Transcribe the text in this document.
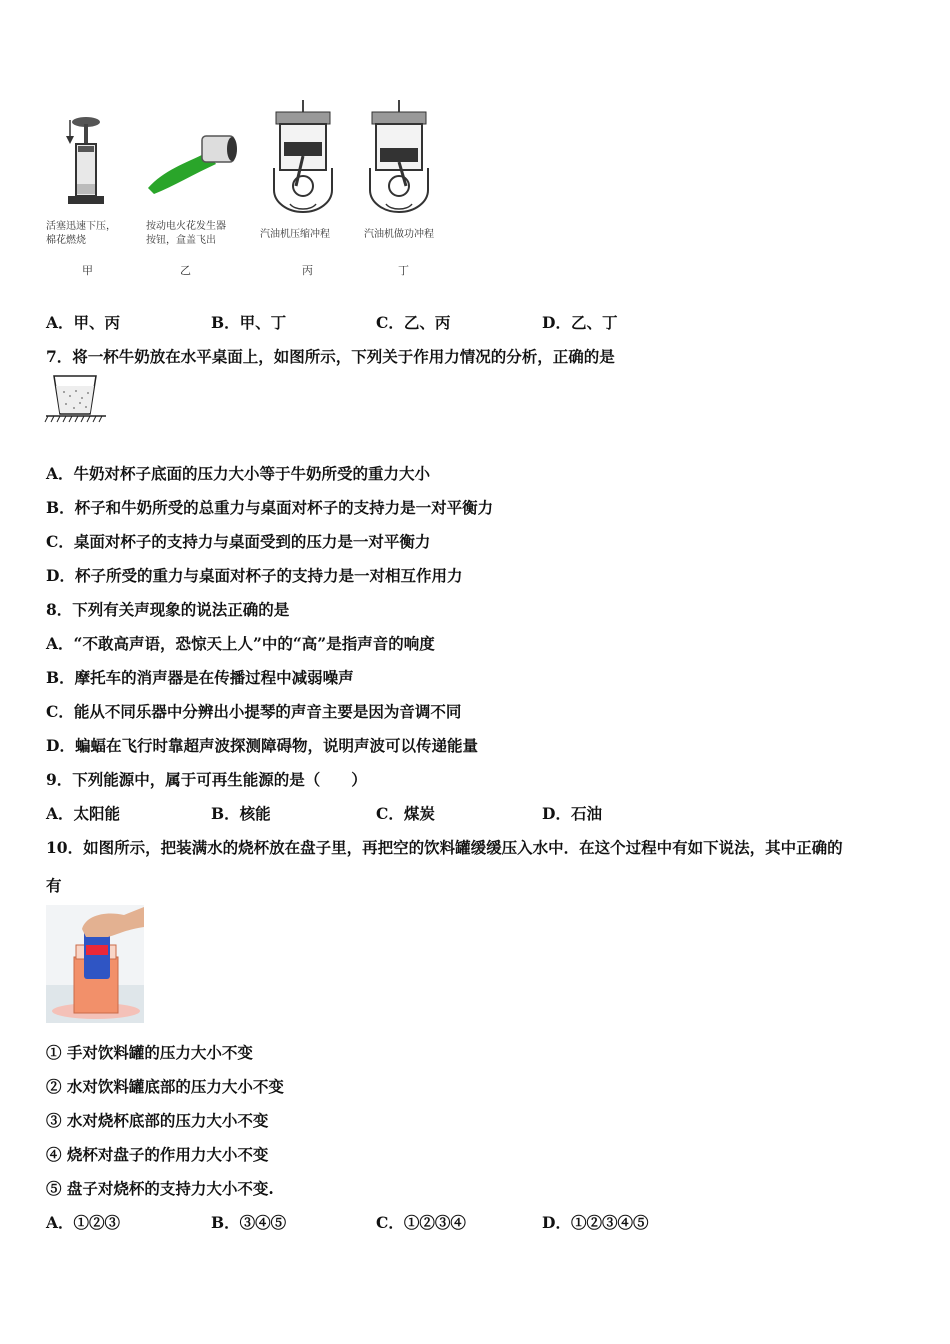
活塞迅速下压，
棉花燃烧
甲
按动电火花发生器
按钮，盒盖飞出
乙
汽油机压缩冲程
丙
汽油机做功冲程
丁
A．甲、丙	B．甲、丁	C．乙、丙	D．乙、丁
7．将一杯牛奶放在水平桌面上，如图所示，下列关于作用力情况的分析，正确的是
A．牛奶对杯子底面的压力大小等于牛奶所受的重力大小
B．杯子和牛奶所受的总重力与桌面对杯子的支持力是一对平衡力
C．桌面对杯子的支持力与桌面受到的压力是一对平衡力
D．杯子所受的重力与桌面对杯子的支持力是一对相互作用力
8．下列有关声现象的说法正确的是
A．“不敢高声语，恐惊天上人”中的“高”是指声音的响度
B．摩托车的消声器是在传播过程中减弱噪声
C．能从不同乐器中分辨出小提琴的声音主要是因为音调不同
D．蝙蝠在飞行时靠超声波探测障碍物，说明声波可以传递能量
9．下列能源中，属于可再生能源的是（　　）
A．太阳能	B．核能	C．煤炭	D．石油
10．如图所示，把装满水的烧杯放在盘子里，再把空的饮料罐缓缓压入水中．在这个过程中有如下说法，其中正确的
有
① 手对饮料罐的压力大小不变
② 水对饮料罐底部的压力大小不变
③ 水对烧杯底部的压力大小不变
④ 烧杯对盘子的作用力大小不变
⑤ 盘子对烧杯的支持力大小不变.
A．①②③	B．③④⑤	C．①②③④	D．①②③④⑤
